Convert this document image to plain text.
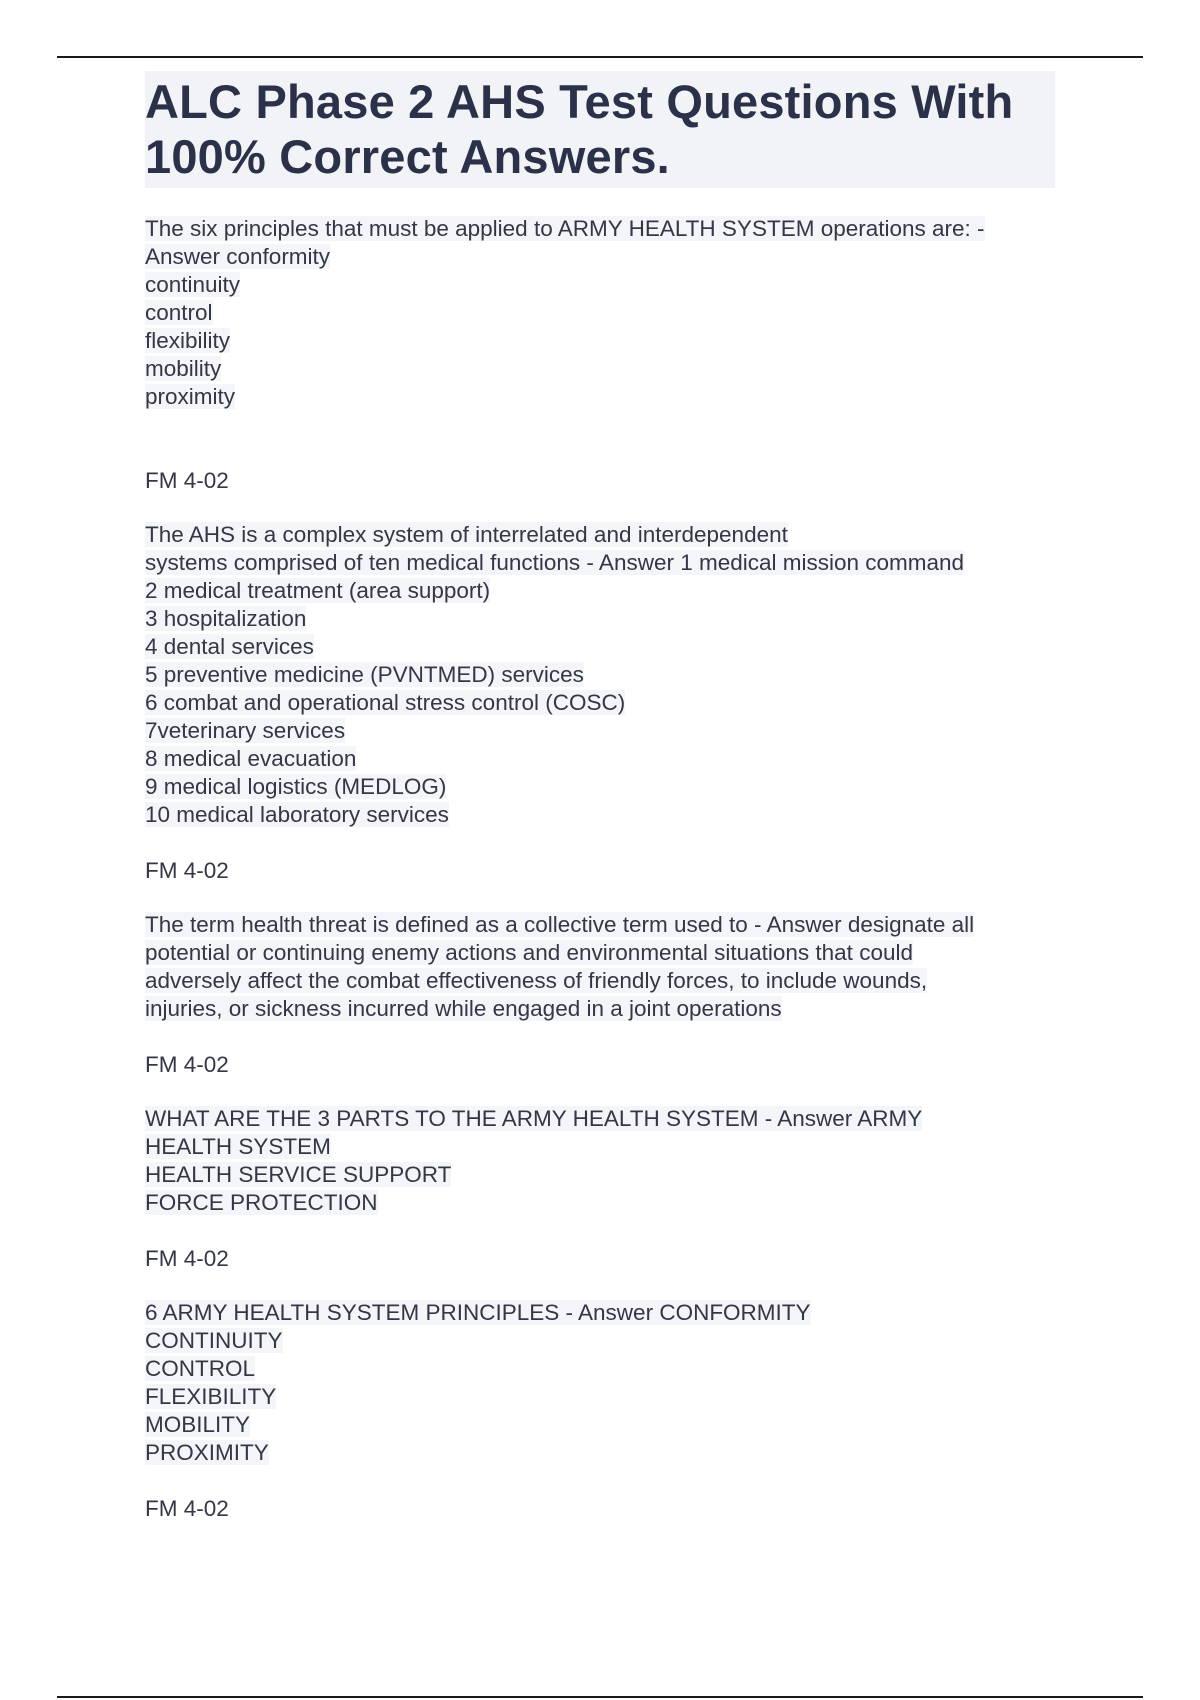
ALC Phase 2 AHS Test Questions With 100% Correct Answers.
The six principles that must be applied to ARMY HEALTH SYSTEM operations are: -
Answer conformity
continuity
control
flexibility
mobility
proximity
FM 4-02
The AHS is a complex system of interrelated and interdependent
systems comprised of ten medical functions - Answer 1 medical mission command
2 medical treatment (area support)
3 hospitalization
4 dental services
5 preventive medicine (PVNTMED) services
6 combat and operational stress control (COSC)
7veterinary services
8 medical evacuation
9 medical logistics (MEDLOG)
10 medical laboratory services
FM 4-02
The term health threat is defined as a collective term used to - Answer designate all
potential or continuing enemy actions and environmental situations that could
adversely affect the combat effectiveness of friendly forces, to include wounds,
injuries, or sickness incurred while engaged in a joint operations
FM 4-02
WHAT ARE THE 3 PARTS TO THE ARMY HEALTH SYSTEM - Answer ARMY
HEALTH SYSTEM
HEALTH SERVICE SUPPORT
FORCE PROTECTION
FM 4-02
6 ARMY HEALTH SYSTEM PRINCIPLES - Answer CONFORMITY
CONTINUITY
CONTROL
FLEXIBILITY
MOBILITY
PROXIMITY
FM 4-02
